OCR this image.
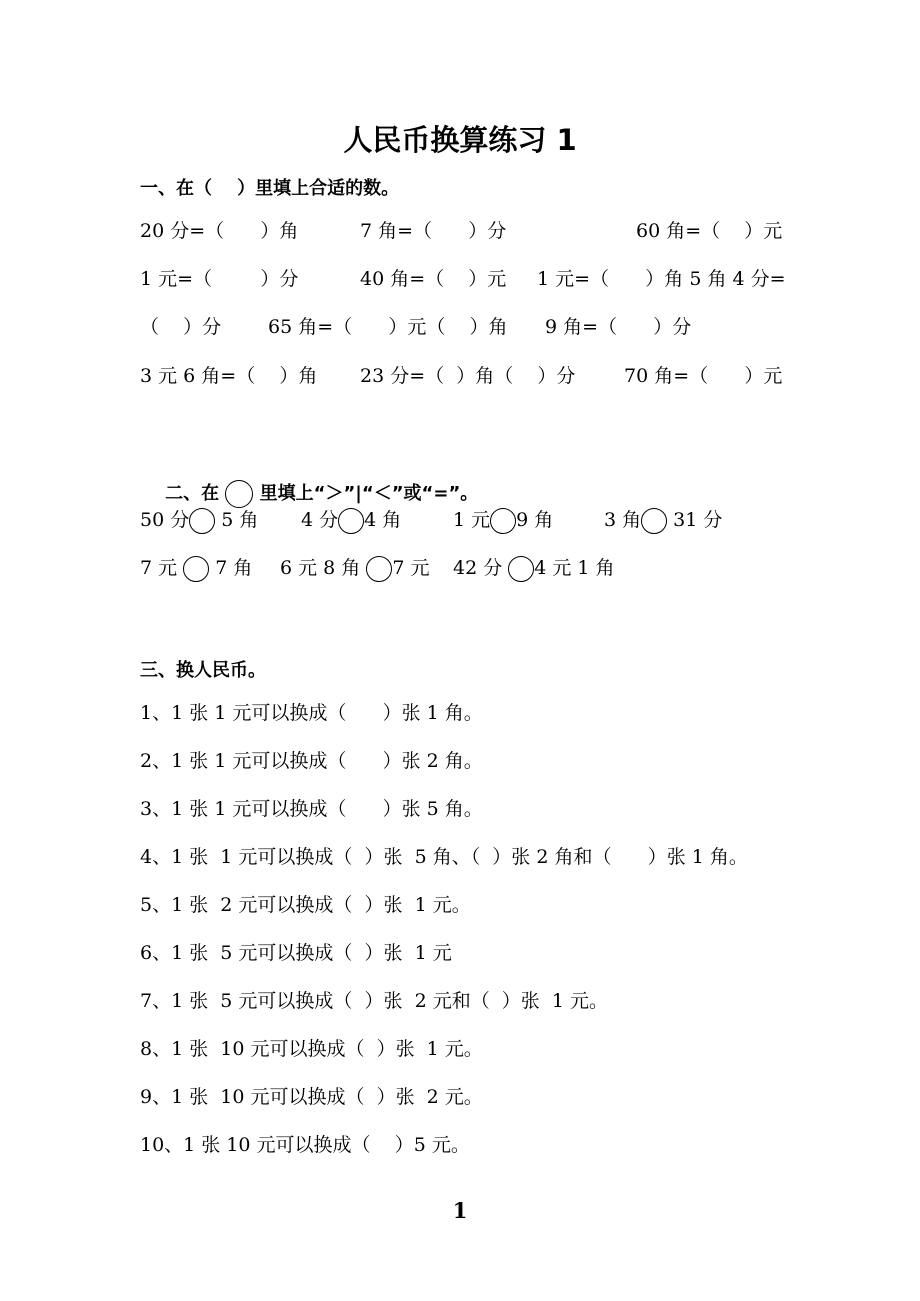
人民币换算练习 1
一、在（    ）里填上合适的数。
20 分=（      ）角	7 角=（      ）分	60 角=（    ）元
1 元=（        ）分	40 角=（    ）元 1 元=（      ）角 5 角 4 分=
（    ）分 65 角=（      ）元（    ）角 9 角=（      ）分
3 元 6 角=（    ）角 23 分=（  ）角（    ）分	70 角=（      ）元

二、在 里填上“＞”|“＜”或“=”。

50 分 5 角 4 分 4 角	1 元 9 角	3 角 31 分
7 元  7 角 6 元 8 角 7 元 42 分 4 元 1 角
三、换人民币。
1、1 张 1 元可以换成（      ）张 1 角。
2、1 张 1 元可以换成（      ）张 2 角。
3、1 张 1 元可以换成（      ）张 5 角。
4、1 张  1 元可以换成（  ）张  5 角、（  ）张 2 角和（      ）张 1 角。
5、1 张  2 元可以换成（  ）张  1 元。
6、1 张  5 元可以换成（  ）张  1 元
7、1 张  5 元可以换成（  ）张  2 元和（  ）张  1 元。
8、1 张  10 元可以换成（  ）张  1 元。
9、1 张  10 元可以换成（  ）张  2 元。
10、1 张 10 元可以换成（    ）5 元。
1
